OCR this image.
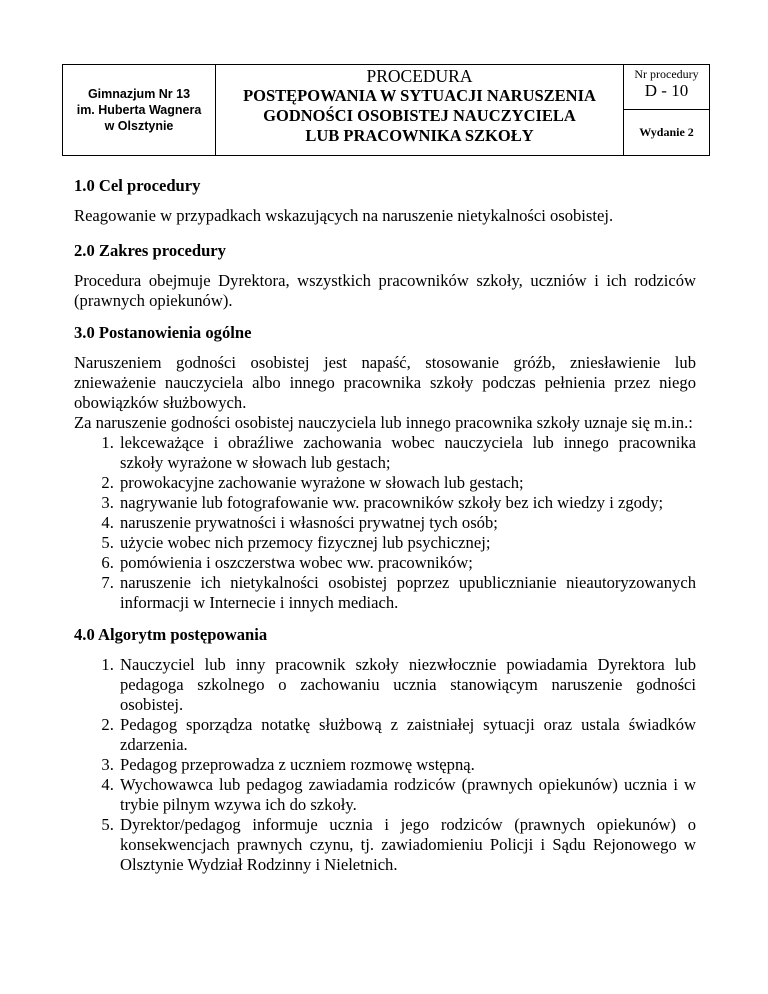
Gimnazjum Nr 13
im. Huberta Wagnera
w Olsztynie

PROCEDURA
POSTĘPOWANIA W SYTUACJI NARUSZENIA
GODNOŚCI OSOBISTEJ NAUCZYCIELA
LUB PRACOWNIKA SZKOŁY

Nr procedury
D - 10

Wydanie 2
1.0 Cel procedury

Reagowanie w przypadkach wskazujących na naruszenie nietykalności osobistej.

2.0 Zakres procedury

Procedura obejmuje Dyrektora, wszystkich pracowników szkoły, uczniów i ich rodziców (prawnych opiekunów).

3.0 Postanowienia ogólne

Naruszeniem godności osobistej jest napaść, stosowanie gróźb, zniesławienie lub znieważenie nauczyciela albo innego pracownika szkoły podczas pełnienia przez niego obowiązków służbowych.

Za naruszenie godności osobistej nauczyciela lub innego pracownika szkoły uznaje się m.in.:

1. lekceważące i obraźliwe zachowania wobec nauczyciela lub innego pracownika szkoły wyrażone w słowach lub gestach;
2. prowokacyjne zachowanie wyrażone w słowach lub gestach;
3. nagrywanie lub fotografowanie ww. pracowników szkoły bez ich wiedzy i zgody;
4. naruszenie prywatności i własności prywatnej tych osób;
5. użycie wobec nich przemocy fizycznej lub psychicznej;
6. pomówienia i oszczerstwa wobec ww. pracowników;
7. naruszenie ich nietykalności osobistej poprzez upublicznianie nieautoryzowanych informacji w Internecie i innych mediach.
4.0 Algorytm postępowania
1. Nauczyciel lub inny pracownik szkoły niezwłocznie powiadamia Dyrektora lub pedagoga szkolnego o zachowaniu ucznia stanowiącym naruszenie godności osobistej.
2. Pedagog sporządza notatkę służbową z zaistniałej sytuacji oraz ustala świadków zdarzenia.
3. Pedagog przeprowadza z uczniem rozmowę wstępną.
4. Wychowawca lub pedagog zawiadamia rodziców (prawnych opiekunów) ucznia i w trybie pilnym wzywa ich do szkoły.
5. Dyrektor/pedagog informuje ucznia i jego rodziców (prawnych opiekunów) o konsekwencjach prawnych czynu, tj. zawiadomieniu Policji i Sądu Rejonowego w Olsztynie Wydział Rodzinny i Nieletnich.
